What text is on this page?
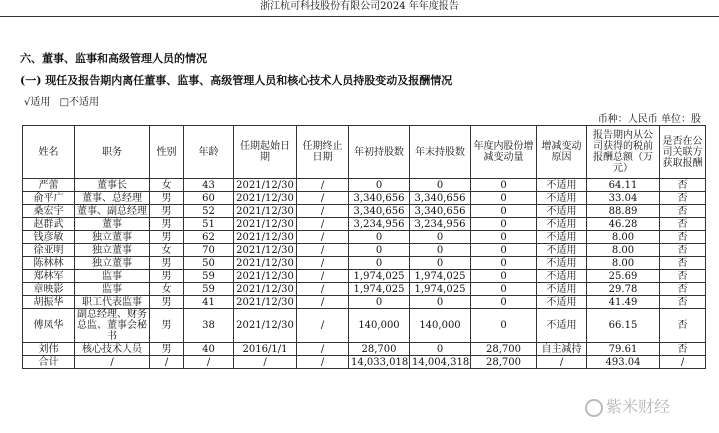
浙江杭可科技股份有限公司2024 年年度报告
六、董事、监事和高级管理人员的情况
(一) 现任及报告期内离任董事、监事、高级管理人员和核心技术人员持股变动及报酬情况
√适用 □不适用
币种：人民币 单位：股
姓名	职务	性别	年龄	任期起始日期	任期终止日期	年初持股数	年末持股数	年度内股份增减变动量	增减变动原因	报告期内从公司获得的税前报酬总额（万元）	是否在公司关联方获取报酬
严蕾	董事长	女	43	2021/12/30	/	0	0	0	不适用	64.11	否
俞平广	董事、总经理	男	60	2021/12/30	/	3,340,656	3,340,656	0	不适用	33.04	否
桑宏宇	董事、副总经理	男	52	2021/12/30	/	3,340,656	3,340,656	0	不适用	88.89	否
赵群武	董事	男	51	2021/12/30	/	3,234,956	3,234,956	0	不适用	46.28	否
钱彦敏	独立董事	男	62	2021/12/30	/	0	0	0	不适用	8.00	否
徐亚明	独立董事	女	70	2021/12/30	/	0	0	0	不适用	8.00	否
陈林林	独立董事	男	50	2021/12/30	/	0	0	0	不适用	8.00	否
郑林军	监事	男	59	2021/12/30	/	1,974,025	1,974,025	0	不适用	25.69	否
章映影	监事	女	59	2021/12/30	/	1,974,025	1,974,025	0	不适用	29.78	否
胡振华	职工代表监事	男	41	2021/12/30	/	0	0	0	不适用	41.49	否
傅凤华	副总经理、财务总监、董事会秘书	男	38	2021/12/30	/	140,000	140,000	0	不适用	66.15	否
刘伟	核心技术人员	男	40	2016/1/1	/	28,700	0	28,700	自主减持	79.61	否
合计	/	/	/	/	/	14,033,018	14,004,318	28,700	/	493.04	/
紫米财经
